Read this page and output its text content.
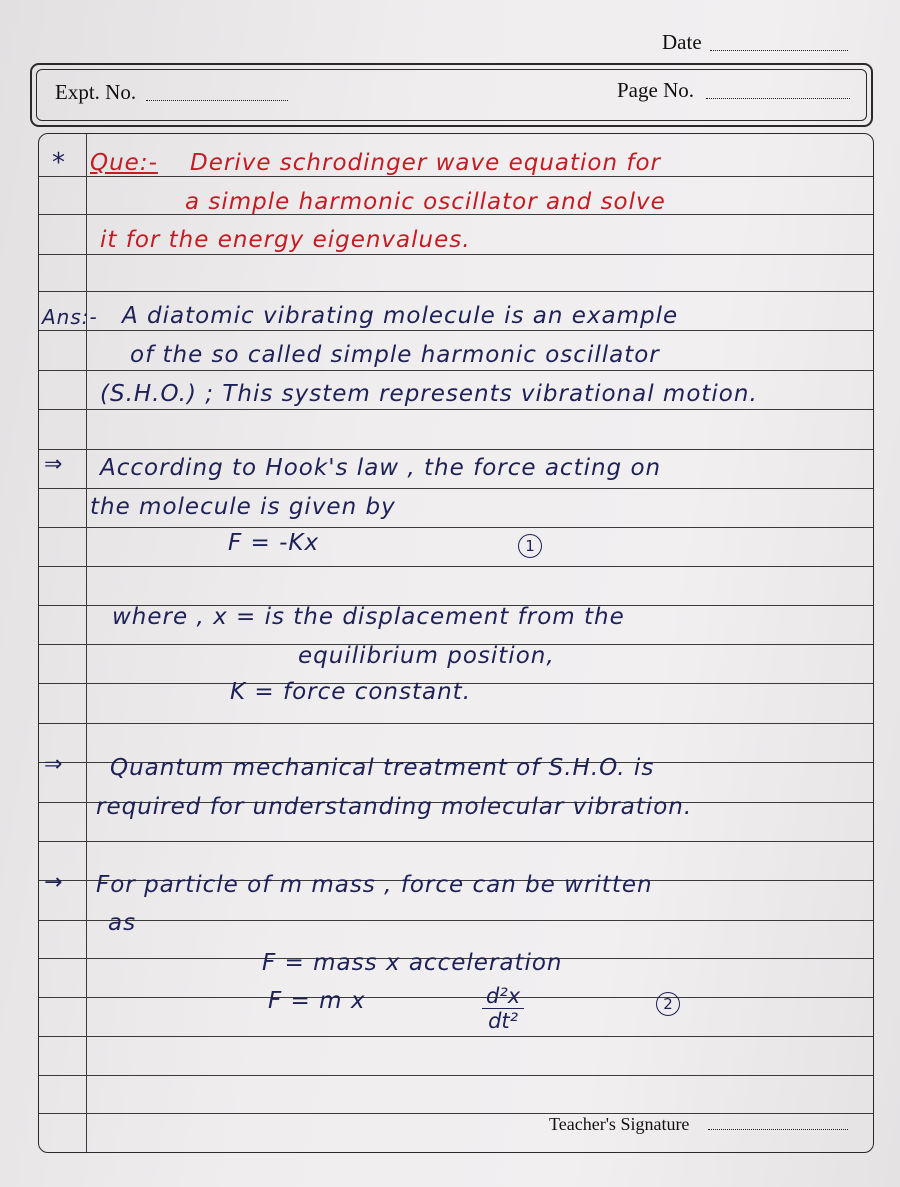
Date
Expt. No.	Page No.
* Que:- Derive schrodinger wave equation for
a simple harmonic oscillator and solve
it for the energy eigenvalues.
Ans:- A diatomic vibrating molecule is an example
of the so called simple harmonic oscillator
(S.H.O.) ; This system represents vibrational motion.
⇒ According to Hook's law , the force acting on
the molecule is given by
F = -Kx	1
where , x = is the displacement from the
equilibrium position,
K = force constant.
⇒ Quantum mechanical treatment of S.H.O. is
required for understanding molecular vibration.
→ For particle of m mass , force can be written
as
F = mass x acceleration
F = m x	$\frac{\text{d²x}}{\text{dt²}}$	2
Teacher's Signature
